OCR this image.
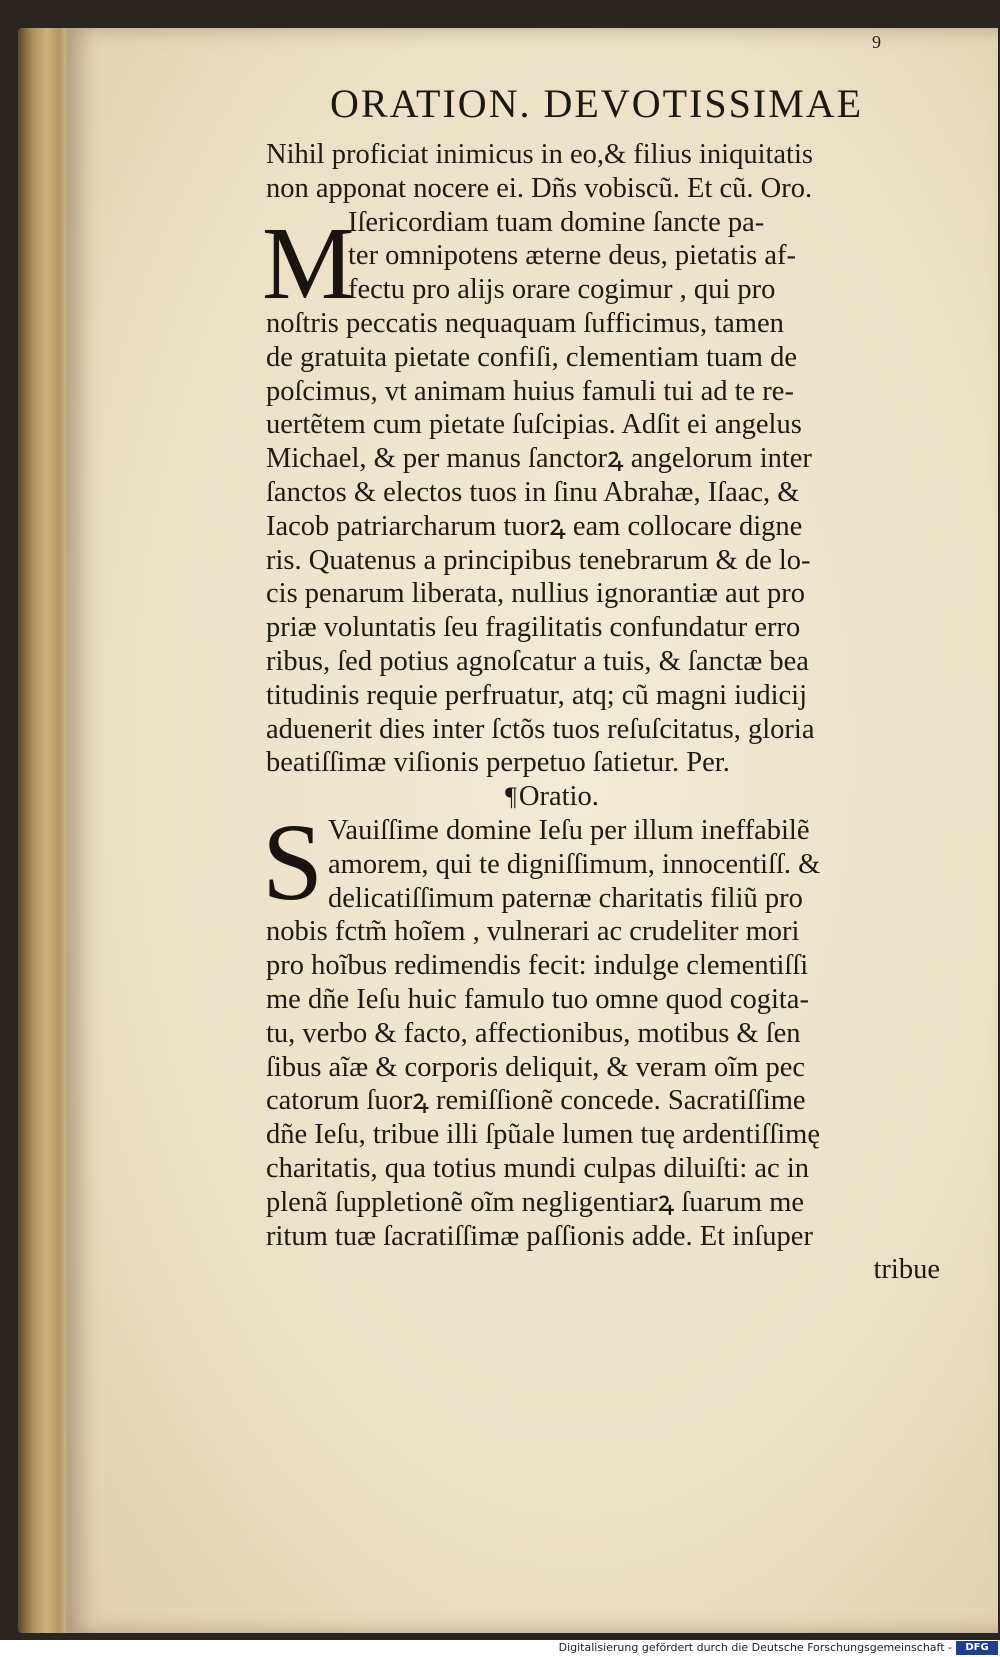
9
ORATION. DEVOTISSIMAE
M
S
Nihil proficiat inimicus in eo,& filius iniquitatis
non apponat nocere ei. Dñs vobiscũ. Et cũ. Oro.
Iſericordiam tuam domine ſancte pa-
ter omnipotens æterne deus, pietatis af-
fectu pro alijs orare cogimur , qui pro
noſtris peccatis nequaquam ſufficimus, tamen
de gratuita pietate confiſi, clementiam tuam de
poſcimus, vt animam huius famuli tui ad te re-
uertẽtem cum pietate ſuſcipias. Adſit ei angelus
Michael, & per manus ſanctorꝝ angelorum inter
ſanctos & electos tuos in ſinu Abrahæ, Iſaac, &
Iacob patriarcharum tuorꝝ eam collocare digne
ris. Quatenus a principibus tenebrarum & de lo-
cis penarum liberata, nullius ignorantiæ aut pro
priæ voluntatis ſeu fragilitatis confundatur erro
ribus, ſed potius agnoſcatur a tuis, & ſanctæ bea
titudinis requie perfruatur, atq; cũ magni iudicij
aduenerit dies inter ſctõs tuos reſuſcitatus, gloria
beatiſſimæ viſionis perpetuo ſatietur. Per.
¶Oratio.
Vauiſſime domine Ieſu per illum ineffabilẽ
amorem, qui te digniſſimum, innocentiſſ. &
delicatiſſimum paternæ charitatis filiũ pro
nobis fctm̃ hoĩem , vulnerari ac crudeliter mori
pro hoĩbus redimendis fecit: indulge clementiſſi
me dñe Ieſu huic famulo tuo omne quod cogita-
tu, verbo & facto, affectionibus, motibus & ſen
ſibus aĩæ & corporis deliquit, & veram oĩm pec
catorum ſuorꝝ remiſſionẽ concede. Sacratiſſime
dñe Ieſu, tribue illi ſpũale lumen tuę ardentiſſimę
charitatis, qua totius mundi culpas diluiſti: ac in
plenã ſuppletionẽ oĩm negligentiarꝝ ſuarum me
ritum tuæ ſacratiſſimæ paſſionis adde. Et inſuper
tribue
Digitalisierung gefördert durch die Deutsche Forschungsgemeinschaft -	DFG
